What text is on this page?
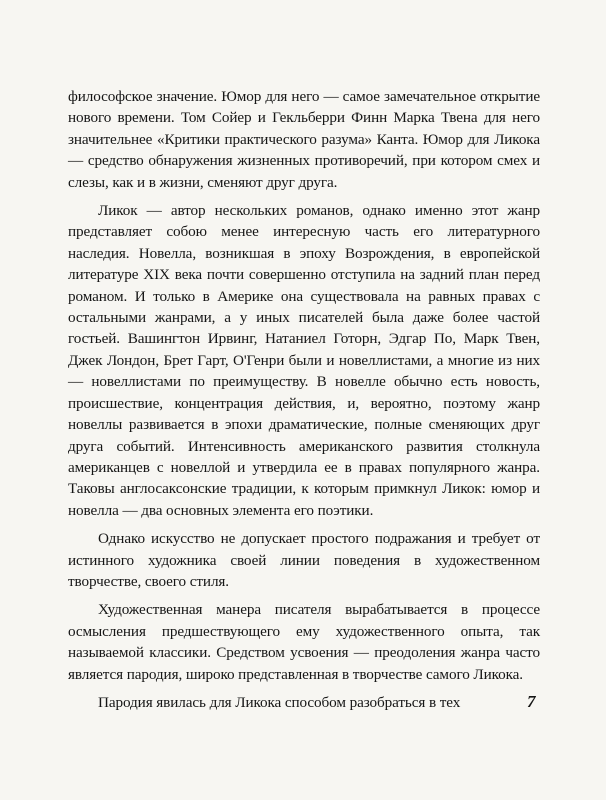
философское значение. Юмор для него — самое замечательное открытие нового времени. Том Сойер и Гекльберри Финн Марка Твена для него значительнее «Критики практического разума» Канта. Юмор для Ликока — средство обнаружения жизненных противоречий, при котором смех и слезы, как и в жизни, сменяют друг друга.

Ликок — автор нескольких романов, однако именно этот жанр представляет собою менее интересную часть его литературного наследия. Новелла, возникшая в эпоху Возрождения, в европейской литературе XIX века почти совершенно отступила на задний план перед романом. И только в Америке она существовала на равных правах с остальными жанрами, а у иных писателей была даже более частой гостьей. Вашингтон Ирвинг, Натаниел Готорн, Эдгар По, Марк Твен, Джек Лондон, Брет Гарт, О'Генри были и новеллистами, а многие из них — новеллистами по преимуществу. В новелле обычно есть новость, происшествие, концентрация действия, и, вероятно, поэтому жанр новеллы развивается в эпохи драматические, полные сменяющих друг друга событий. Интенсивность американского развития столкнула американцев с новеллой и утвердила ее в правах популярного жанра. Таковы англосаксонские традиции, к которым примкнул Ликок: юмор и новелла — два основных элемента его поэтики.

Однако искусство не допускает простого подражания и требует от истинного художника своей линии поведения в художественном творчестве, своего стиля.

Художественная манера писателя вырабатывается в процессе осмысления предшествующего ему художественного опыта, так называемой классики. Средством усвоения — преодоления жанра часто является пародия, широко представленная в творчестве самого Ликока.

Пародия явилась для Ликока способом разобраться в тех	7
